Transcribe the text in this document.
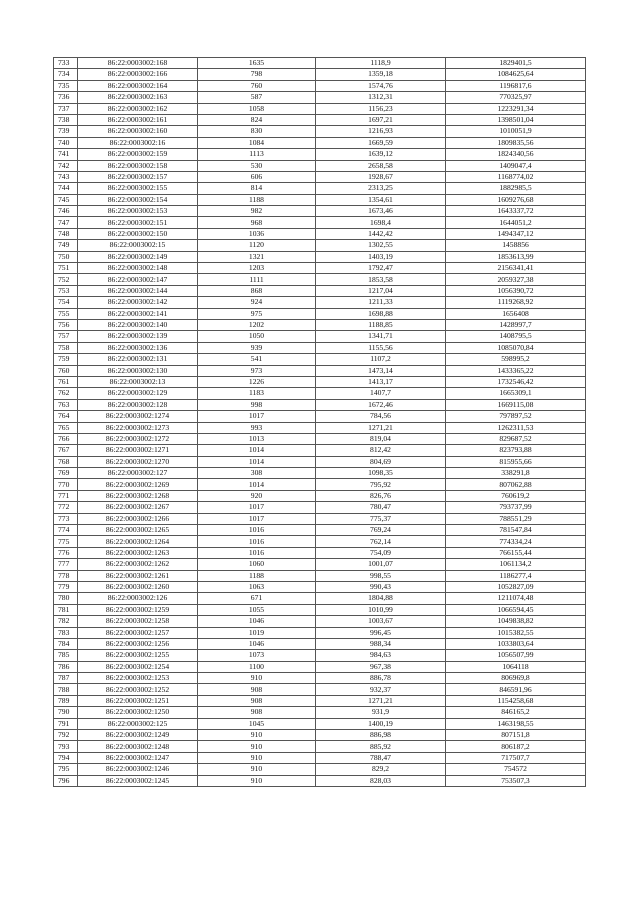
733	86:22:0003002:168	1635	1118,9	1829401,5
734	86:22:0003002:166	798	1359,18	1084625,64
735	86:22:0003002:164	760	1574,76	1196817,6
736	86:22:0003002:163	587	1312,31	770325,97
737	86:22:0003002:162	1058	1156,23	1223291,34
738	86:22:0003002:161	824	1697,21	1398501,04
739	86:22:0003002:160	830	1216,93	1010051,9
740	86:22:0003002:16	1084	1669,59	1809835,56
741	86:22:0003002:159	1113	1639,12	1824340,56
742	86:22:0003002:158	530	2658,58	1409047,4
743	86:22:0003002:157	606	1928,67	1168774,02
744	86:22:0003002:155	814	2313,25	1882985,5
745	86:22:0003002:154	1188	1354,61	1609276,68
746	86:22:0003002:153	982	1673,46	1643337,72
747	86:22:0003002:151	968	1698,4	1644051,2
748	86:22:0003002:150	1036	1442,42	1494347,12
749	86:22:0003002:15	1120	1302,55	1458856
750	86:22:0003002:149	1321	1403,19	1853613,99
751	86:22:0003002:148	1203	1792,47	2156341,41
752	86:22:0003002:147	1111	1853,58	2059327,38
753	86:22:0003002:144	868	1217,04	1056390,72
754	86:22:0003002:142	924	1211,33	1119268,92
755	86:22:0003002:141	975	1698,88	1656408
756	86:22:0003002:140	1202	1188,85	1428997,7
757	86:22:0003002:139	1050	1341,71	1408795,5
758	86:22:0003002:136	939	1155,56	1085070,84
759	86:22:0003002:131	541	1107,2	598995,2
760	86:22:0003002:130	973	1473,14	1433365,22
761	86:22:0003002:13	1226	1413,17	1732546,42
762	86:22:0003002:129	1183	1407,7	1665309,1
763	86:22:0003002:128	998	1672,46	1669115,08
764	86:22:0003002:1274	1017	784,56	797897,52
765	86:22:0003002:1273	993	1271,21	1262311,53
766	86:22:0003002:1272	1013	819,04	829687,52
767	86:22:0003002:1271	1014	812,42	823793,88
768	86:22:0003002:1270	1014	804,69	815955,66
769	86:22:0003002:127	308	1098,35	338291,8
770	86:22:0003002:1269	1014	795,92	807062,88
771	86:22:0003002:1268	920	826,76	760619,2
772	86:22:0003002:1267	1017	780,47	793737,99
773	86:22:0003002:1266	1017	775,37	788551,29
774	86:22:0003002:1265	1016	769,24	781547,84
775	86:22:0003002:1264	1016	762,14	774334,24
776	86:22:0003002:1263	1016	754,09	766155,44
777	86:22:0003002:1262	1060	1001,07	1061134,2
778	86:22:0003002:1261	1188	998,55	1186277,4
779	86:22:0003002:1260	1063	990,43	1052827,09
780	86:22:0003002:126	671	1804,88	1211074,48
781	86:22:0003002:1259	1055	1010,99	1066594,45
782	86:22:0003002:1258	1046	1003,67	1049838,82
783	86:22:0003002:1257	1019	996,45	1015382,55
784	86:22:0003002:1256	1046	988,34	1033803,64
785	86:22:0003002:1255	1073	984,63	1056507,99
786	86:22:0003002:1254	1100	967,38	1064118
787	86:22:0003002:1253	910	886,78	806969,8
788	86:22:0003002:1252	908	932,37	846591,96
789	86:22:0003002:1251	908	1271,21	1154258,68
790	86:22:0003002:1250	908	931,9	846165,2
791	86:22:0003002:125	1045	1400,19	1463198,55
792	86:22:0003002:1249	910	886,98	807151,8
793	86:22:0003002:1248	910	885,92	806187,2
794	86:22:0003002:1247	910	788,47	717507,7
795	86:22:0003002:1246	910	829,2	754572
796	86:22:0003002:1245	910	828,03	753507,3
